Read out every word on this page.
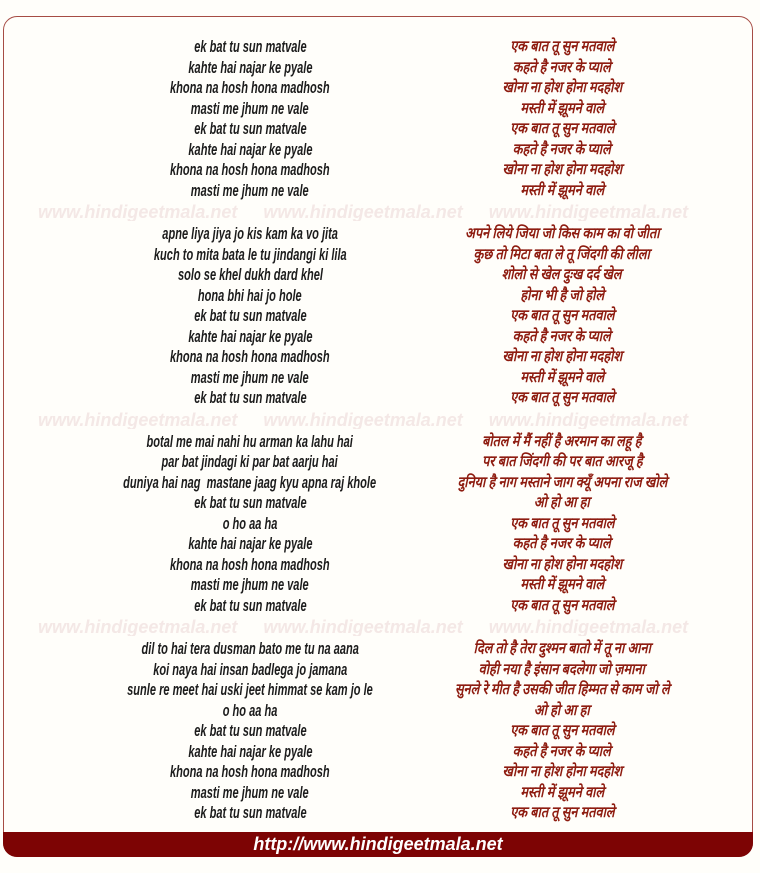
ek bat tu sun matvale
kahte hai najar ke pyale
khona na hosh hona madhosh
masti me jhum ne vale
ek bat tu sun matvale
kahte hai najar ke pyale
khona na hosh hona madhosh
masti me jhum ne vale
एक बात तू सुन मतवाले
कहते है नजर के प्याले
खोना ना होश होना मदहोश
मस्ती में झूमने वाले
एक बात तू सुन मतवाले
कहते है नजर के प्याले
खोना ना होश होना मदहोश
मस्ती में झूमने वाले
www.hindigeetmala.net www.hindigeetmala.net www.hindigeetmala.net
apne liya jiya jo kis kam ka vo jita
kuch to mita bata le tu jindangi ki lila
solo se khel dukh dard khel
hona bhi hai jo hole
ek bat tu sun matvale
kahte hai najar ke pyale
khona na hosh hona madhosh
masti me jhum ne vale
ek bat tu sun matvale
अपने लिये जिया जो किस काम का वो जीता
कुछ तो मिटा बता ले तू जिंदगी की लीला
शोलो से खेल दुःख दर्द खेल
होना भी है जो होले
एक बात तू सुन मतवाले
कहते है नजर के प्याले
खोना ना होश होना मदहोश
मस्ती में झूमने वाले
एक बात तू सुन मतवाले
www.hindigeetmala.net www.hindigeetmala.net www.hindigeetmala.net
botal me mai nahi hu arman ka lahu hai
par bat jindagi ki par bat aarju hai
duniya hai nag  mastane jaag kyu apna raj khole
ek bat tu sun matvale
o ho aa ha
kahte hai najar ke pyale
khona na hosh hona madhosh
masti me jhum ne vale
ek bat tu sun matvale
बोतल में मैं नहीं है अरमान का लहू है
पर बात जिंदगी की पर बात आरजू है
दुनिया है नाग मस्ताने जाग क्यूँ अपना राज खोले
ओ हो आ हा
एक बात तू सुन मतवाले
कहते है नजर के प्याले
खोना ना होश होना मदहोश
मस्ती में झूमने वाले
एक बात तू सुन मतवाले
www.hindigeetmala.net www.hindigeetmala.net www.hindigeetmala.net
dil to hai tera dusman bato me tu na aana
koi naya hai insan badlega jo jamana
sunle re meet hai uski jeet himmat se kam jo le
o ho aa ha
ek bat tu sun matvale
kahte hai najar ke pyale
khona na hosh hona madhosh
masti me jhum ne vale
ek bat tu sun matvale
दिल तो है तेरा दुश्मन बातो में तू ना आना
वोही नया है इंसान बदलेगा जो ज़माना
सुनले रे मीत है उसकी जीत हिम्मत से काम जो ले
ओ हो आ हा
एक बात तू सुन मतवाले
कहते है नजर के प्याले
खोना ना होश होना मदहोश
मस्ती में झूमने वाले
एक बात तू सुन मतवाले
http://www.hindigeetmala.net
